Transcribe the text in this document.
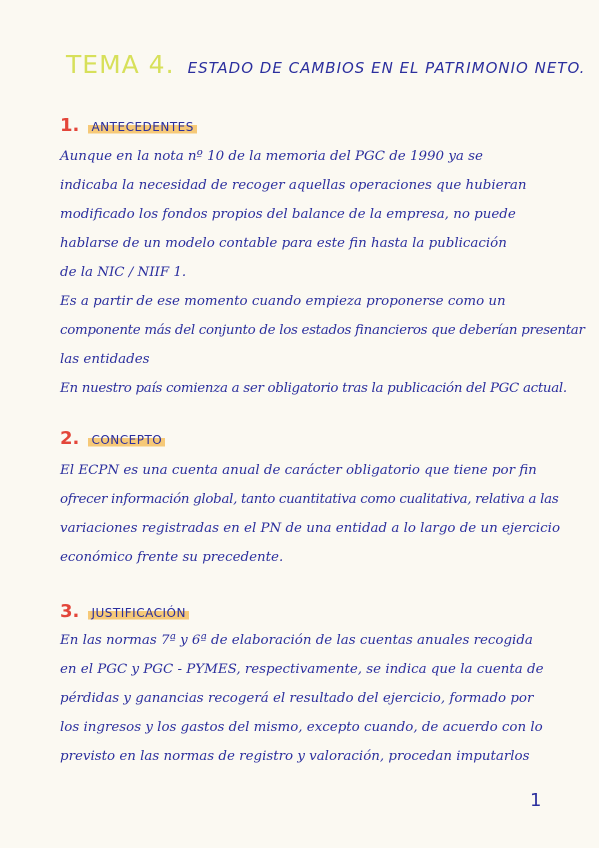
TEMA 4. ESTADO DE CAMBIOS EN EL PATRIMONIO NETO.
1. ANTECEDENTES
Aunque en la nota nº 10 de la memoria del PGC de 1990 ya se
indicaba la necesidad de recoger aquellas operaciones que hubieran
modificado los fondos propios del balance de la empresa, no puede
hablarse de un modelo contable para este fin hasta la publicación
de la NIC / NIIF 1.
Es a partir de ese momento cuando empieza proponerse como un
componente más del conjunto de los estados financieros que deberían presentar
las entidades
En nuestro país comienza a ser obligatorio tras la publicación del PGC actual.
2. CONCEPTO
El ECPN es una cuenta anual de carácter obligatorio que tiene por fin
ofrecer información global, tanto cuantitativa como cualitativa, relativa a las
variaciones registradas en el PN de una entidad a lo largo de un ejercicio
económico frente su precedente.
3. JUSTIFICACIÓN
En las normas 7ª y 6ª de elaboración de las cuentas anuales recogida
en el PGC y PGC - PYMES, respectivamente, se indica que la cuenta de
pérdidas y ganancias recogerá el resultado del ejercicio, formado por
los ingresos y los gastos del mismo, excepto cuando, de acuerdo con lo
previsto en las normas de registro y valoración, procedan imputarlos
1
